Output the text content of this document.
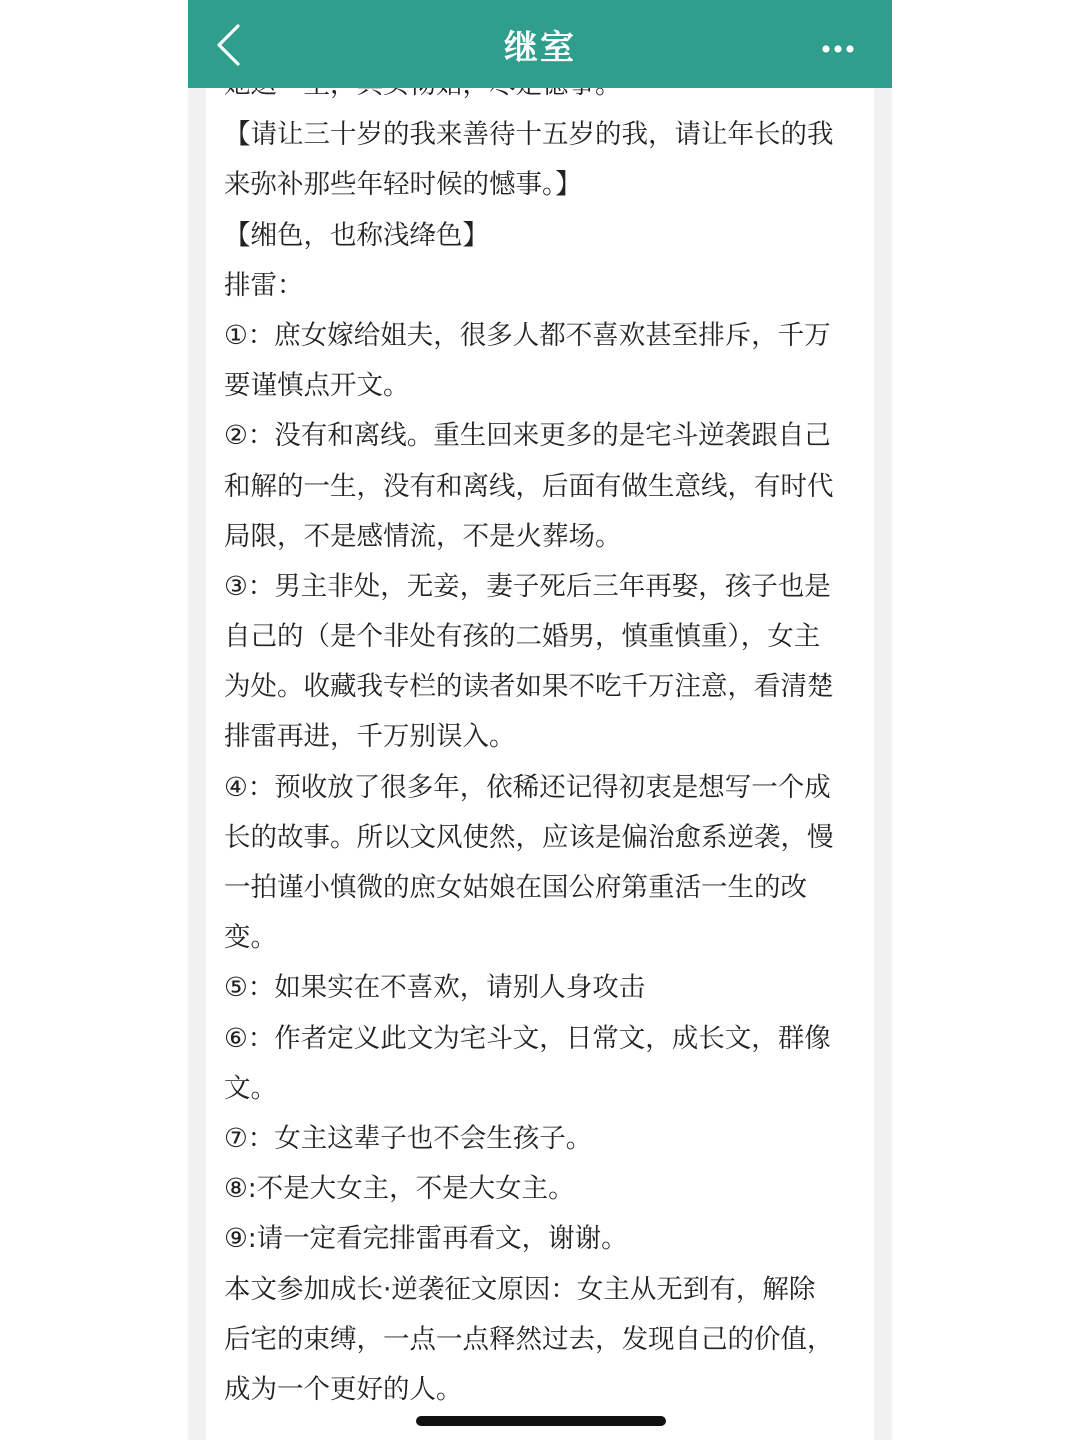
【请让三十岁的我来善待十五岁的我，请让年长的我
来弥补那些年轻时候的憾事。】
【缃色，也称浅绛色】
排雷：
①：庶女嫁给姐夫，很多人都不喜欢甚至排斥，千万
要谨慎点开文。
②：没有和离线。重生回来更多的是宅斗逆袭跟自己
和解的一生，没有和离线，后面有做生意线，有时代
局限，不是感情流，不是火葬场。
③：男主非处，无妾，妻子死后三年再娶，孩子也是
自己的（是个非处有孩的二婚男，慎重慎重），女主
为处。收藏我专栏的读者如果不吃千万注意，看清楚
排雷再进，千万别误入。
④：预收放了很多年，依稀还记得初衷是想写一个成
长的故事。所以文风使然，应该是偏治愈系逆袭，慢
一拍谨小慎微的庶女姑娘在国公府第重活一生的改
变。
⑤：如果实在不喜欢，请别人身攻击
⑥：作者定义此文为宅斗文，日常文，成长文，群像
文。
⑦：女主这辈子也不会生孩子。
⑧:不是大女主，不是大女主。
⑨:请一定看完排雷再看文，谢谢。
本文参加成长·逆袭征文原因：女主从无到有，解除
后宅的束缚，一点一点释然过去，发现自己的价值，
成为一个更好的人。
继室
